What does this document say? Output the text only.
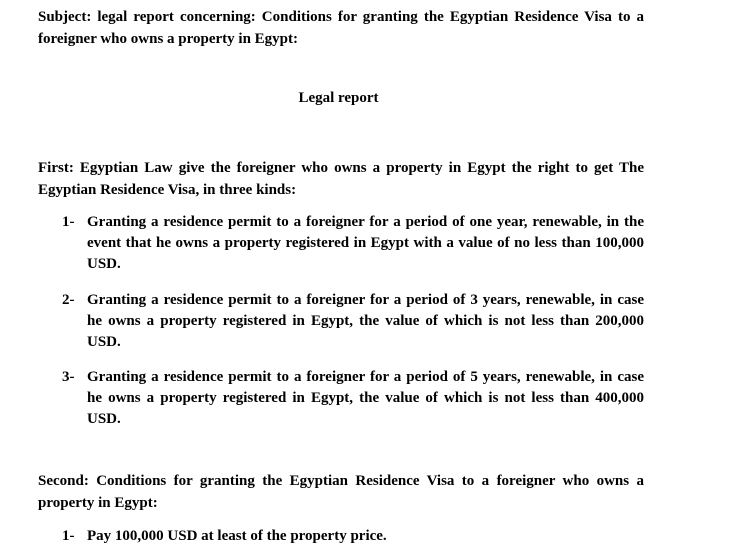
Subject: legal report concerning: Conditions for granting the Egyptian Residence Visa to a foreigner who owns a property in Egypt:

Legal report

First: Egyptian Law give the foreigner who owns a property in Egypt the right to get The Egyptian Residence Visa, in three kinds:

1- Granting a residence permit to a foreigner for a period of one year, renewable, in the event that he owns a property registered in Egypt with a value of no less than 100,000 USD.
2- Granting a residence permit to a foreigner for a period of 3 years, renewable, in case he owns a property registered in Egypt, the value of which is not less than 200,000 USD.
3- Granting a residence permit to a foreigner for a period of 5 years, renewable, in case he owns a property registered in Egypt, the value of which is not less than 400,000 USD.

Second: Conditions for granting the Egyptian Residence Visa to a foreigner who owns a property in Egypt:

1- Pay 100,000 USD at least of the property price.
